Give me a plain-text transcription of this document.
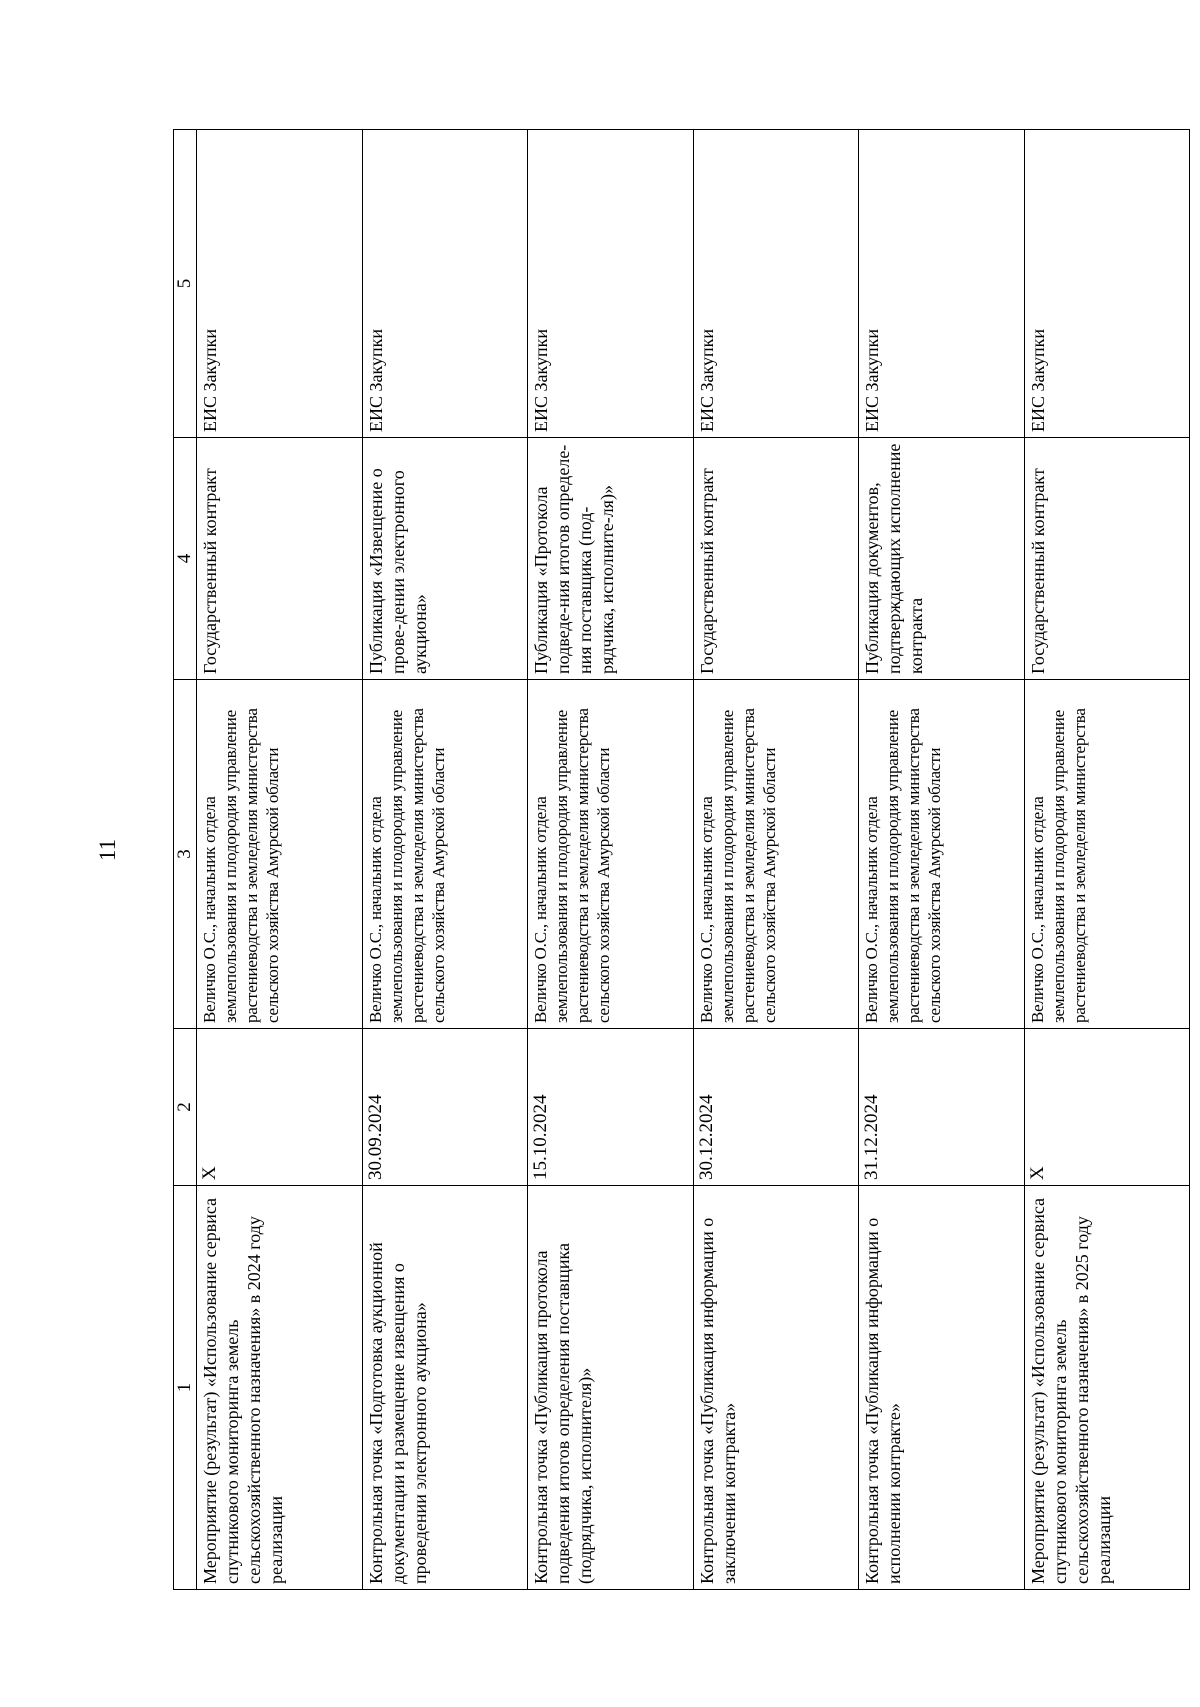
11
1	2	3	4	5
Мероприятие (результат) «Использование сервиса спутникового мониторинга земель сельскохозяйственного назначения» в 2024 году реализации	X	Величко О.С., начальник отдела землепользования и плодородия управление растениеводства и земледелия министерства сельского хозяйства Амурской области	Государственный контракт	ЕИС Закупки
Контрольная точка «Подготовка аукционной документации и размещение извещения о проведении электронного аукциона»	30.09.2024	Величко О.С., начальник отдела землепользования и плодородия управление растениеводства и земледелия министерства сельского хозяйства Амурской области	Публикация «Извещение о прове-дении электронного аукциона»	ЕИС Закупки
Контрольная точка «Публикация протокола подведения итогов определения поставщика (подрядчика, исполнителя)»	15.10.2024	Величко О.С., начальник отдела землепользования и плодородия управление растениеводства и земледелия министерства сельского хозяйства Амурской области	Публикация «Протокола подведе-ния итогов определе-ния поставщика (под-рядчика, исполните-ля)»	ЕИС Закупки
Контрольная точка «Публикация информации о заключении контракта»	30.12.2024	Величко О.С., начальник отдела землепользования и плодородия управление растениеводства и земледелия министерства сельского хозяйства Амурской области	Государственный контракт	ЕИС Закупки
Контрольная точка «Публикация информации о исполнении контракте»	31.12.2024	Величко О.С., начальник отдела землепользования и плодородия управление растениеводства и земледелия министерства сельского хозяйства Амурской области	Публикация документов, подтверждающих исполнение контракта	ЕИС Закупки
Мероприятие (результат) «Использование сервиса спутникового мониторинга земель сельскохозяйственного назначения» в 2025 году реализации	X	Величко О.С., начальник отдела землепользования и плодородия управление растениеводства и земледелия министерства	Государственный контракт	ЕИС Закупки
